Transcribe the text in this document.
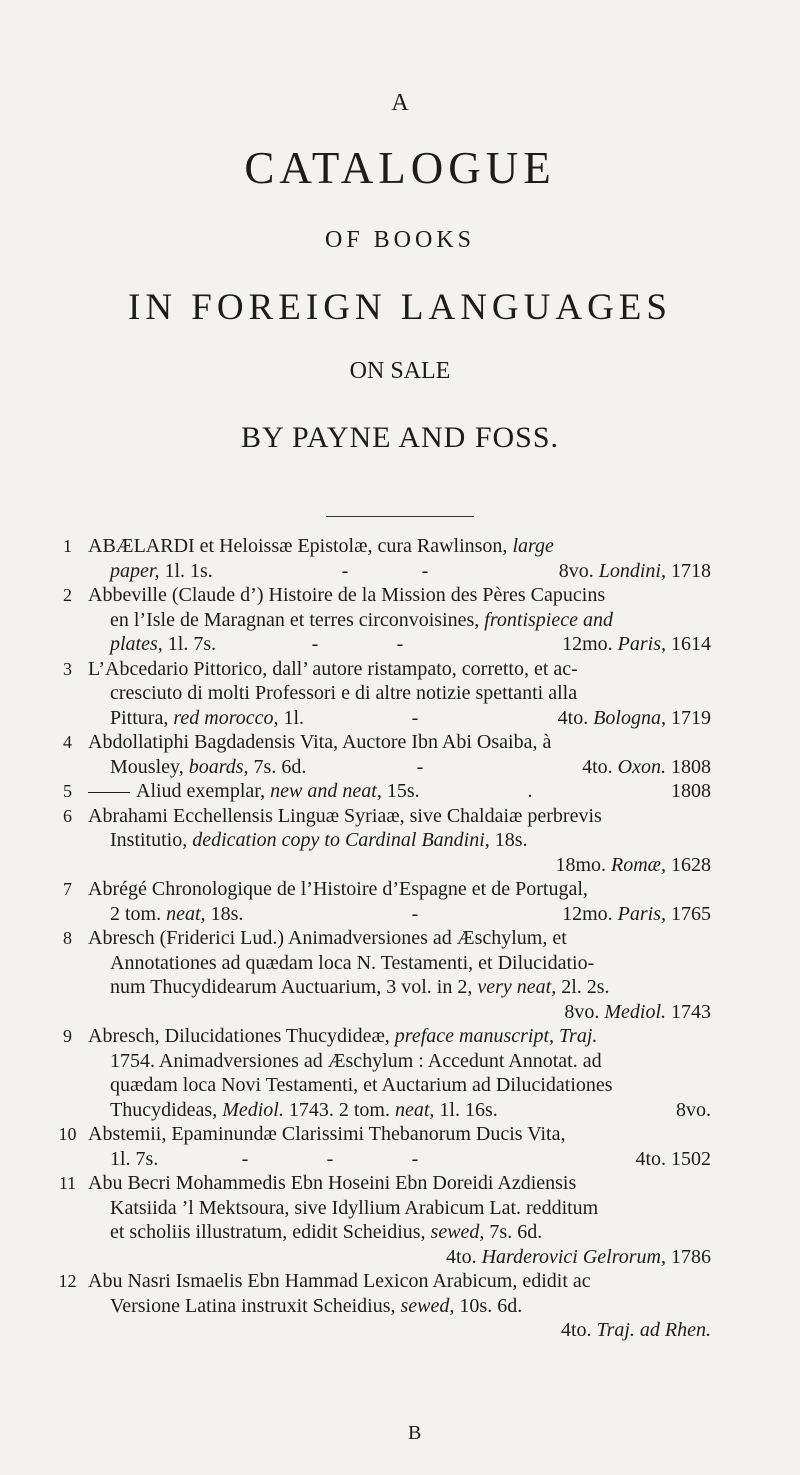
A
CATALOGUE
OF BOOKS
IN FOREIGN LANGUAGES
ON SALE
BY PAYNE AND FOSS.
1 ABÆLARDI et Heloissæ Epistolæ, cura Rawlinson, large
paper, 1l. 1s.	-	-	8vo. Londini, 1718
2 Abbeville (Claude d’) Histoire de la Mission des Pères Capucins
en l’Isle de Maragnan et terres circonvoisines, frontispiece and
plates, 1l. 7s.	-	-	12mo. Paris, 1614
3 L’Abcedario Pittorico, dall’ autore ristampato, corretto, et ac-
cresciuto di molti Professori e di altre notizie spettanti alla
Pittura, red morocco, 1l.	-	4to. Bologna, 1719
4 Abdollatiphi Bagdadensis Vita, Auctore Ibn Abi Osaiba, à
Mousley, boards, 7s. 6d.	-	4to. Oxon. 1808
5	Aliud exemplar, new and neat, 15s.	.	1808
6 Abrahami Ecchellensis Linguæ Syriaæ, sive Chaldaiæ perbrevis
Institutio, dedication copy to Cardinal Bandini, 18s.
18mo. Romæ, 1628
7 Abrégé Chronologique de l’Histoire d’Espagne et de Portugal,
2 tom. neat, 18s.	-	12mo. Paris, 1765
8 Abresch (Friderici Lud.) Animadversiones ad Æschylum, et
Annotationes ad quædam loca N. Testamenti, et Dilucidatio-
num Thucydidearum Auctuarium, 3 vol. in 2, very neat, 2l. 2s.
8vo. Mediol. 1743
9 Abresch, Dilucidationes Thucydideæ, preface manuscript, Traj.
1754. Animadversiones ad Æschylum : Accedunt Annotat. ad
quædam loca Novi Testamenti, et Auctarium ad Dilucidationes
Thucydideas, Mediol. 1743. 2 tom. neat, 1l. 16s.	8vo.
10 Abstemii, Epaminundæ Clarissimi Thebanorum Ducis Vita,
1l. 7s.	-	-	-	4to. 1502
11 Abu Becri Mohammedis Ebn Hoseini Ebn Doreidi Azdiensis
Katsiida ’l Mektsoura, sive Idyllium Arabicum Lat. redditum
et scholiis illustratum, edidit Scheidius, sewed, 7s. 6d.
4to. Harderovici Gelrorum, 1786
12 Abu Nasri Ismaelis Ebn Hammad Lexicon Arabicum, edidit ac
Versione Latina instruxit Scheidius, sewed, 10s. 6d.
4to. Traj. ad Rhen.
B
